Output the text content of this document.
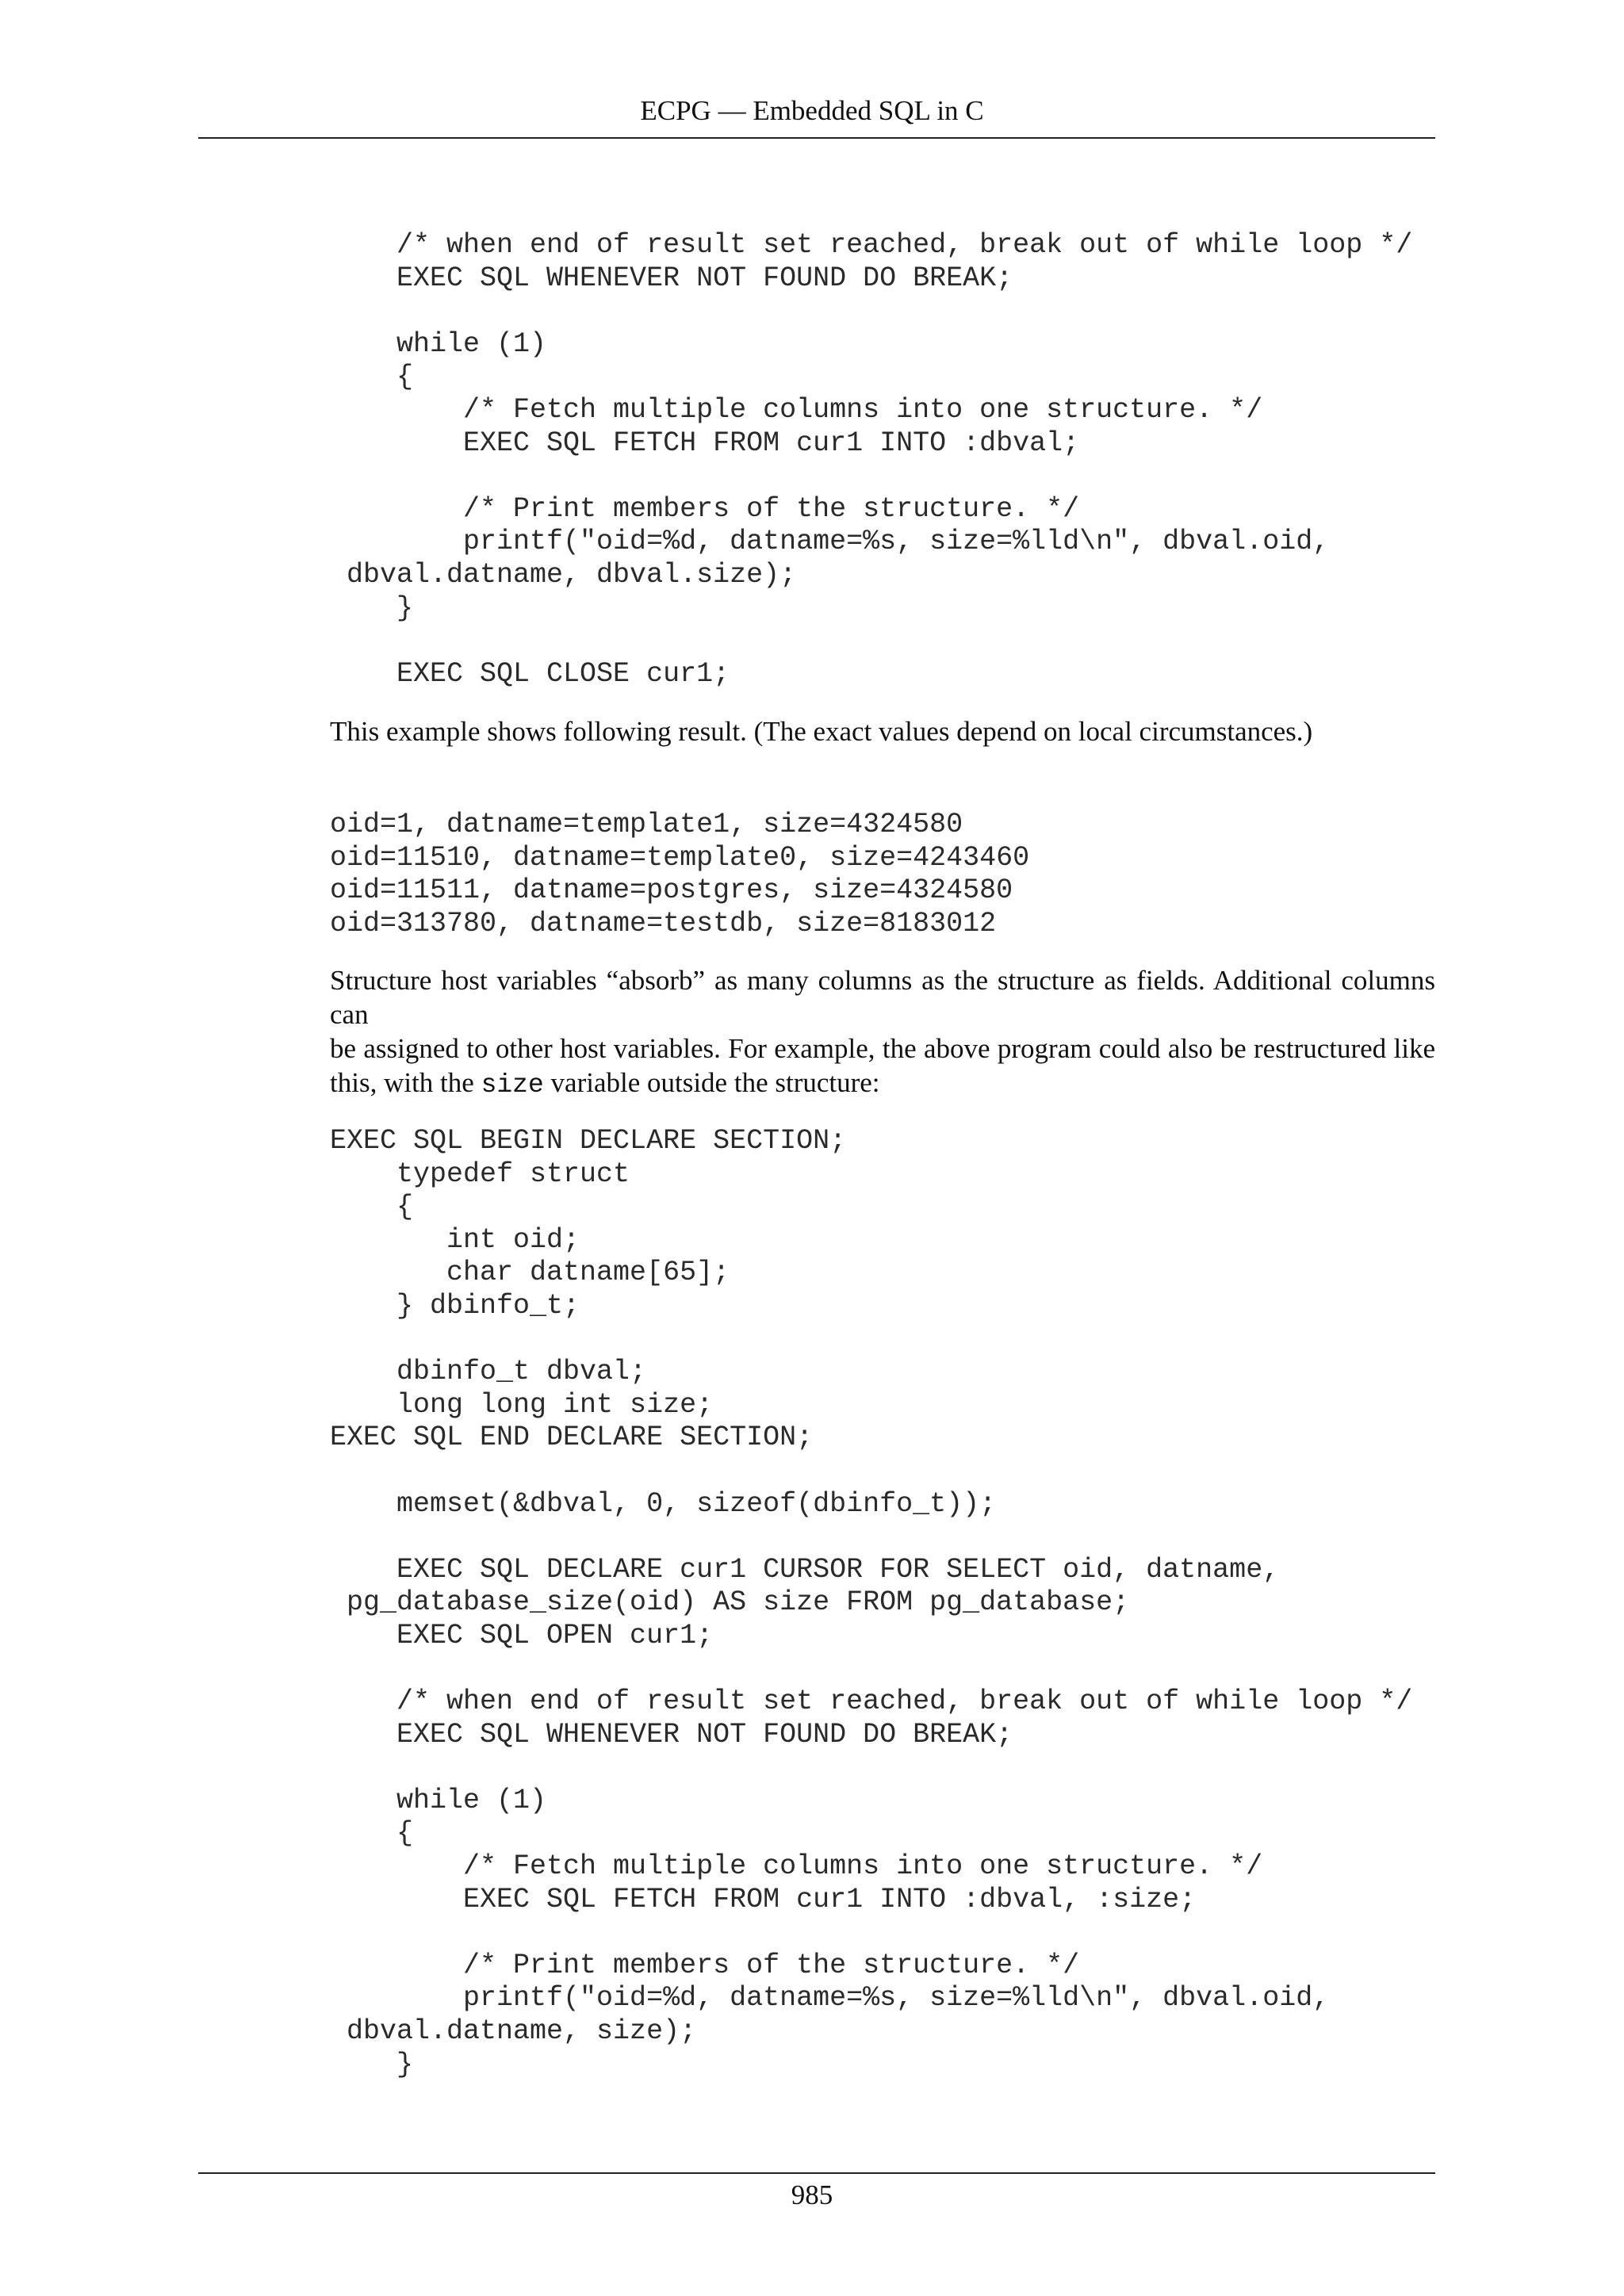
ECPG — Embedded SQL in C
/* when end of result set reached, break out of while loop */
EXEC SQL WHENEVER NOT FOUND DO BREAK;
while (1)
{
/* Fetch multiple columns into one structure. */
EXEC SQL FETCH FROM cur1 INTO :dbval;
/* Print members of the structure. */
printf("oid=%d, datname=%s, size=%lld\n", dbval.oid,
dbval.datname, dbval.size);
}
EXEC SQL CLOSE cur1;

This example shows following result. (The exact values depend on local circumstances.)

oid=1, datname=template1, size=4324580
oid=11510, datname=template0, size=4243460
oid=11511, datname=postgres, size=4324580
oid=313780, datname=testdb, size=8183012

Structure host variables “absorb” as many columns as the structure as fields. Additional columns can
be assigned to other host variables. For example, the above program could also be restructured like
this, with the size variable outside the structure:

EXEC SQL BEGIN DECLARE SECTION;
typedef struct
{
int oid;
char datname[65];
} dbinfo_t;
dbinfo_t dbval;
long long int size;
EXEC SQL END DECLARE SECTION;
memset(&dbval, 0, sizeof(dbinfo_t));
EXEC SQL DECLARE cur1 CURSOR FOR SELECT oid, datname,
pg_database_size(oid) AS size FROM pg_database;
EXEC SQL OPEN cur1;
/* when end of result set reached, break out of while loop */
EXEC SQL WHENEVER NOT FOUND DO BREAK;
while (1)
{
/* Fetch multiple columns into one structure. */
EXEC SQL FETCH FROM cur1 INTO :dbval, :size;
/* Print members of the structure. */
printf("oid=%d, datname=%s, size=%lld\n", dbval.oid,
dbval.datname, size);
}
985
